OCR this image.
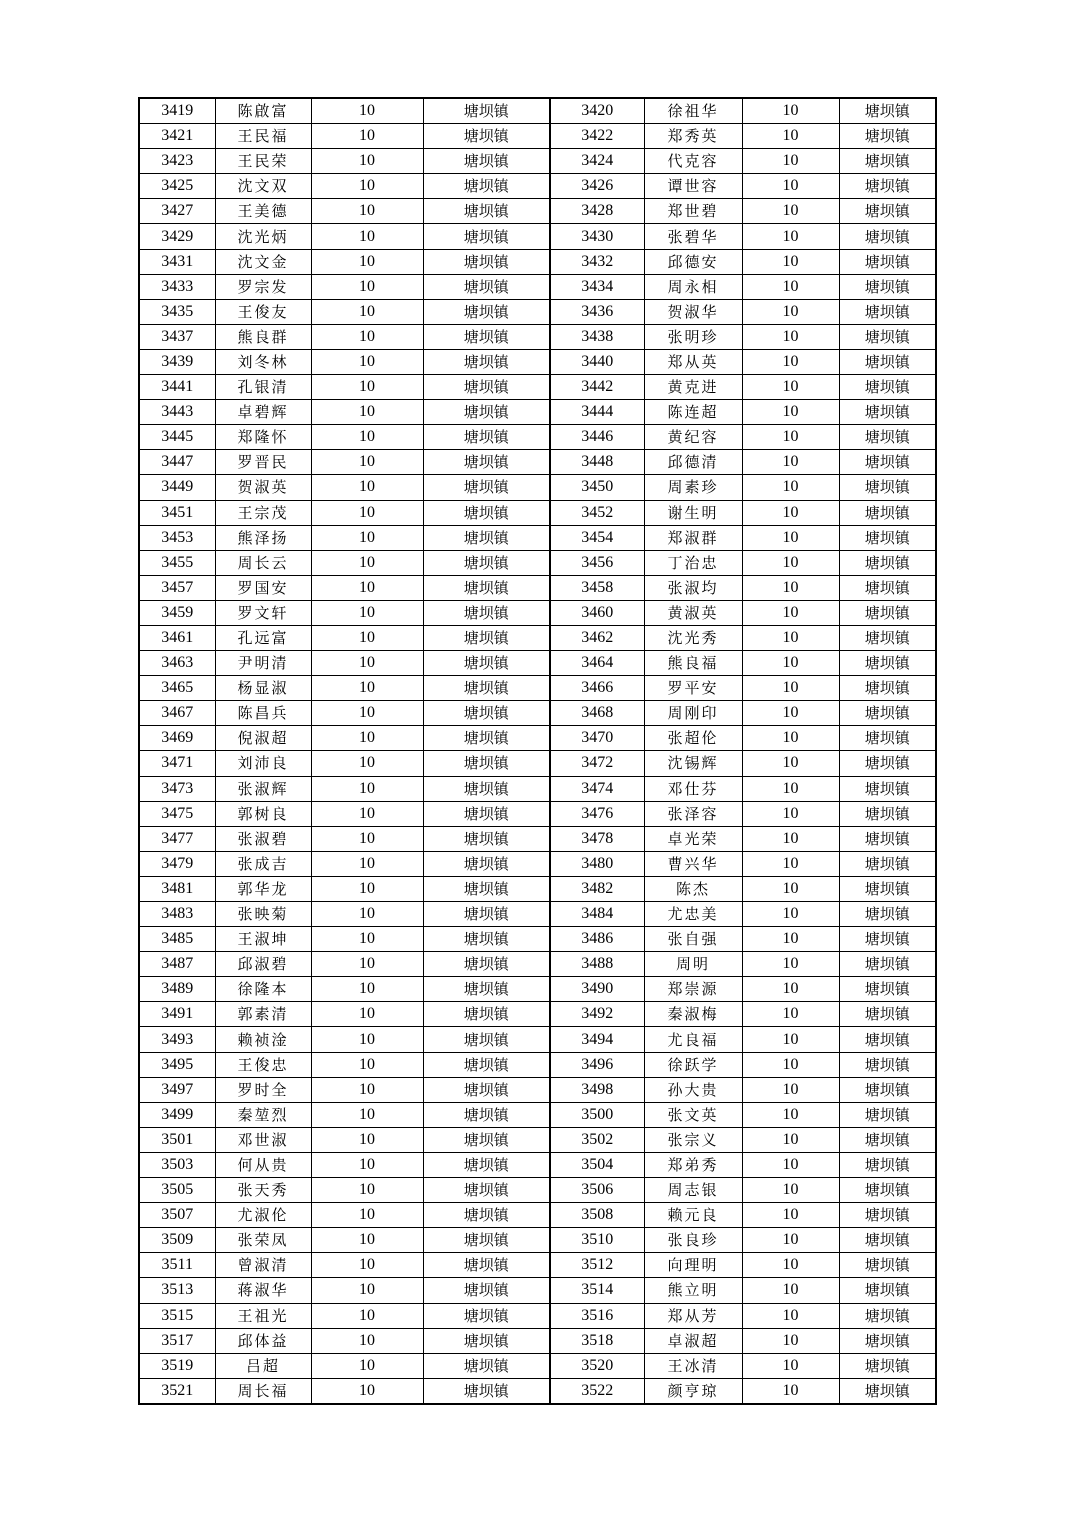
3419	陈啟富	10	塘坝镇	3420	徐祖华	10	塘坝镇
3421	王民福	10	塘坝镇	3422	郑秀英	10	塘坝镇
3423	王民荣	10	塘坝镇	3424	代克容	10	塘坝镇
3425	沈文双	10	塘坝镇	3426	谭世容	10	塘坝镇
3427	王美德	10	塘坝镇	3428	郑世碧	10	塘坝镇
3429	沈光炳	10	塘坝镇	3430	张碧华	10	塘坝镇
3431	沈文金	10	塘坝镇	3432	邱德安	10	塘坝镇
3433	罗宗发	10	塘坝镇	3434	周永相	10	塘坝镇
3435	王俊友	10	塘坝镇	3436	贺淑华	10	塘坝镇
3437	熊良群	10	塘坝镇	3438	张明珍	10	塘坝镇
3439	刘冬林	10	塘坝镇	3440	郑从英	10	塘坝镇
3441	孔银清	10	塘坝镇	3442	黄克进	10	塘坝镇
3443	卓碧辉	10	塘坝镇	3444	陈连超	10	塘坝镇
3445	郑隆怀	10	塘坝镇	3446	黄纪容	10	塘坝镇
3447	罗晋民	10	塘坝镇	3448	邱德清	10	塘坝镇
3449	贺淑英	10	塘坝镇	3450	周素珍	10	塘坝镇
3451	王宗茂	10	塘坝镇	3452	谢生明	10	塘坝镇
3453	熊泽扬	10	塘坝镇	3454	郑淑群	10	塘坝镇
3455	周长云	10	塘坝镇	3456	丁治忠	10	塘坝镇
3457	罗国安	10	塘坝镇	3458	张淑均	10	塘坝镇
3459	罗文轩	10	塘坝镇	3460	黄淑英	10	塘坝镇
3461	孔远富	10	塘坝镇	3462	沈光秀	10	塘坝镇
3463	尹明清	10	塘坝镇	3464	熊良福	10	塘坝镇
3465	杨显淑	10	塘坝镇	3466	罗平安	10	塘坝镇
3467	陈昌兵	10	塘坝镇	3468	周刚印	10	塘坝镇
3469	倪淑超	10	塘坝镇	3470	张超伦	10	塘坝镇
3471	刘沛良	10	塘坝镇	3472	沈锡辉	10	塘坝镇
3473	张淑辉	10	塘坝镇	3474	邓仕芬	10	塘坝镇
3475	郭树良	10	塘坝镇	3476	张泽容	10	塘坝镇
3477	张淑碧	10	塘坝镇	3478	卓光荣	10	塘坝镇
3479	张成吉	10	塘坝镇	3480	曹兴华	10	塘坝镇
3481	郭华龙	10	塘坝镇	3482	陈杰	10	塘坝镇
3483	张映菊	10	塘坝镇	3484	尤忠美	10	塘坝镇
3485	王淑坤	10	塘坝镇	3486	张自强	10	塘坝镇
3487	邱淑碧	10	塘坝镇	3488	周明	10	塘坝镇
3489	徐隆本	10	塘坝镇	3490	郑崇源	10	塘坝镇
3491	郭素清	10	塘坝镇	3492	秦淑梅	10	塘坝镇
3493	赖祯淦	10	塘坝镇	3494	尤良福	10	塘坝镇
3495	王俊忠	10	塘坝镇	3496	徐跃学	10	塘坝镇
3497	罗时全	10	塘坝镇	3498	孙大贵	10	塘坝镇
3499	秦堃烈	10	塘坝镇	3500	张文英	10	塘坝镇
3501	邓世淑	10	塘坝镇	3502	张宗义	10	塘坝镇
3503	何从贵	10	塘坝镇	3504	郑弟秀	10	塘坝镇
3505	张天秀	10	塘坝镇	3506	周志银	10	塘坝镇
3507	尤淑伦	10	塘坝镇	3508	赖元良	10	塘坝镇
3509	张荣凤	10	塘坝镇	3510	张良珍	10	塘坝镇
3511	曾淑清	10	塘坝镇	3512	向理明	10	塘坝镇
3513	蒋淑华	10	塘坝镇	3514	熊立明	10	塘坝镇
3515	王祖光	10	塘坝镇	3516	郑从芳	10	塘坝镇
3517	邱体益	10	塘坝镇	3518	卓淑超	10	塘坝镇
3519	吕超	10	塘坝镇	3520	王冰清	10	塘坝镇
3521	周长福	10	塘坝镇	3522	颜亨琼	10	塘坝镇
